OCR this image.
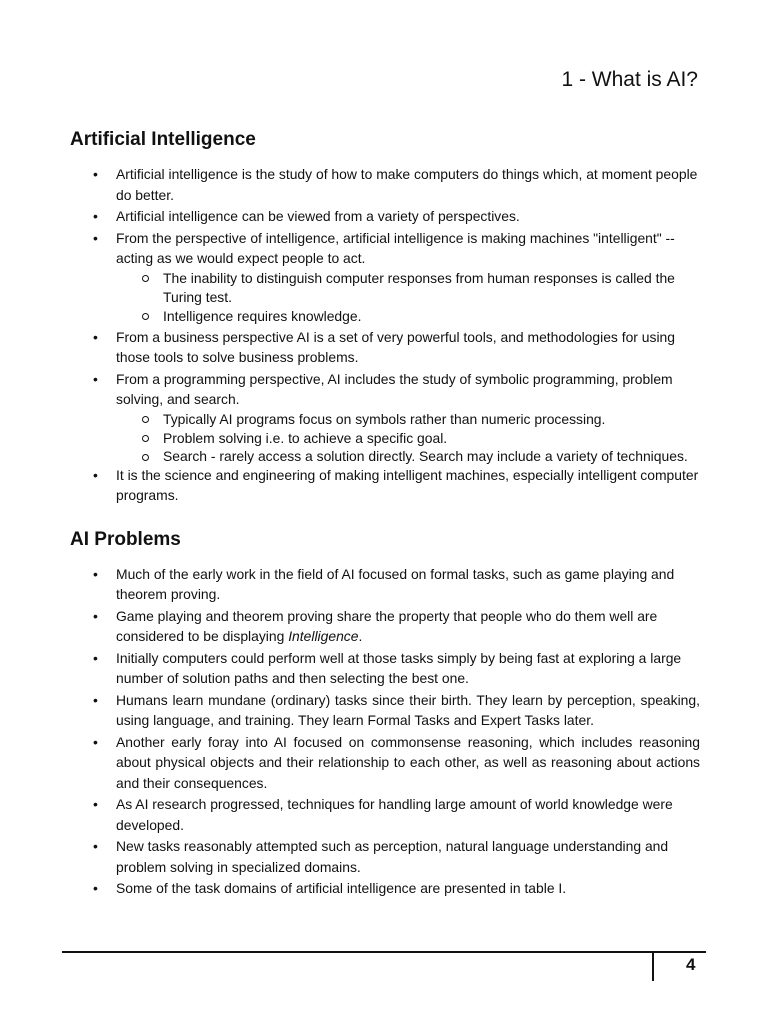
1 - What is AI?
Artificial Intelligence
• Artificial intelligence is the study of how to make computers do things which, at moment people do better.
• Artificial intelligence can be viewed from a variety of perspectives.
• From the perspective of intelligence, artificial intelligence is making machines "intelligent" -- acting as we would expect people to act.
The inability to distinguish computer responses from human responses is called the Turing test.
Intelligence requires knowledge.
• From a business perspective AI is a set of very powerful tools, and methodologies for using those tools to solve business problems.
• From a programming perspective, AI includes the study of symbolic programming, problem solving, and search.
Typically AI programs focus on symbols rather than numeric processing.
Problem solving i.e. to achieve a specific goal.
Search - rarely access a solution directly. Search may include a variety of techniques.
• It is the science and engineering of making intelligent machines, especially intelligent computer programs.
AI Problems
• Much of the early work in the field of AI focused on formal tasks, such as game playing and theorem proving.
• Game playing and theorem proving share the property that people who do them well are considered to be displaying Intelligence.
• Initially computers could perform well at those tasks simply by being fast at exploring a large number of solution paths and then selecting the best one.
• Humans learn mundane (ordinary) tasks since their birth. They learn by perception, speaking, using language, and training. They learn Formal Tasks and Expert Tasks later.
• Another early foray into AI focused on commonsense reasoning, which includes reasoning about physical objects and their relationship to each other, as well as reasoning about actions and their consequences.
• As AI research progressed, techniques for handling large amount of world knowledge were developed.
• New tasks reasonably attempted such as perception, natural language understanding and problem solving in specialized domains.
• Some of the task domains of artificial intelligence are presented in table I.
4
